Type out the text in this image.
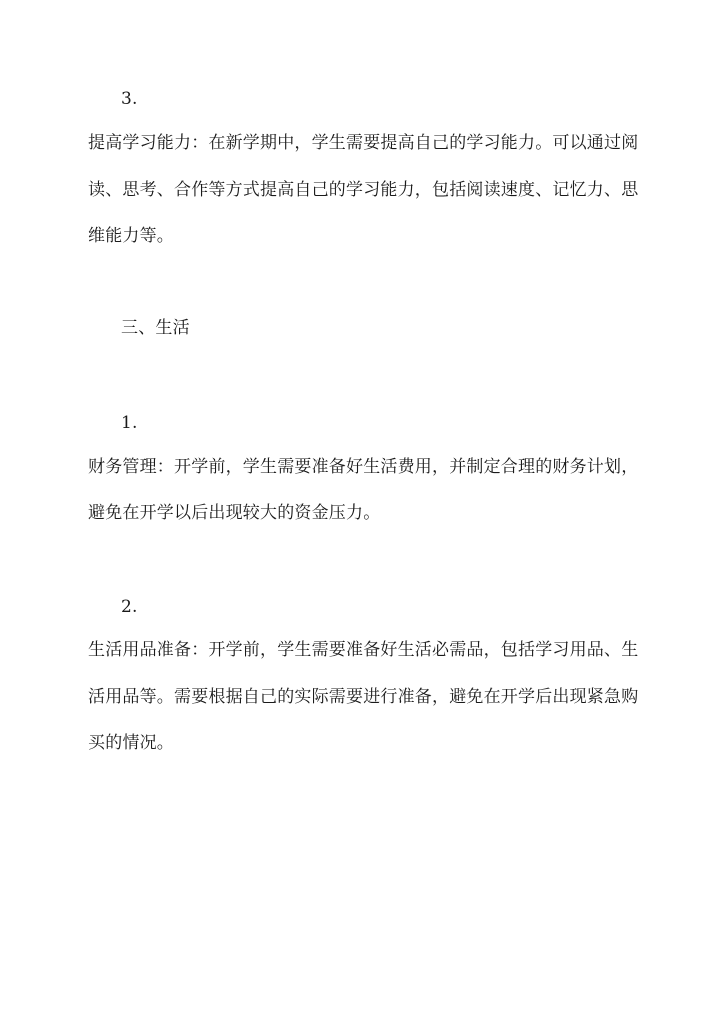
3.
提高学习能力：在新学期中，学生需要提高自己的学习能力。可以通过阅
读、思考、合作等方式提高自己的学习能力，包括阅读速度、记忆力、思
维能力等。
三、生活
1.
财务管理：开学前，学生需要准备好生活费用，并制定合理的财务计划，
避免在开学以后出现较大的资金压力。
2.
生活用品准备：开学前，学生需要准备好生活必需品，包括学习用品、生
活用品等。需要根据自己的实际需要进行准备，避免在开学后出现紧急购
买的情况。
